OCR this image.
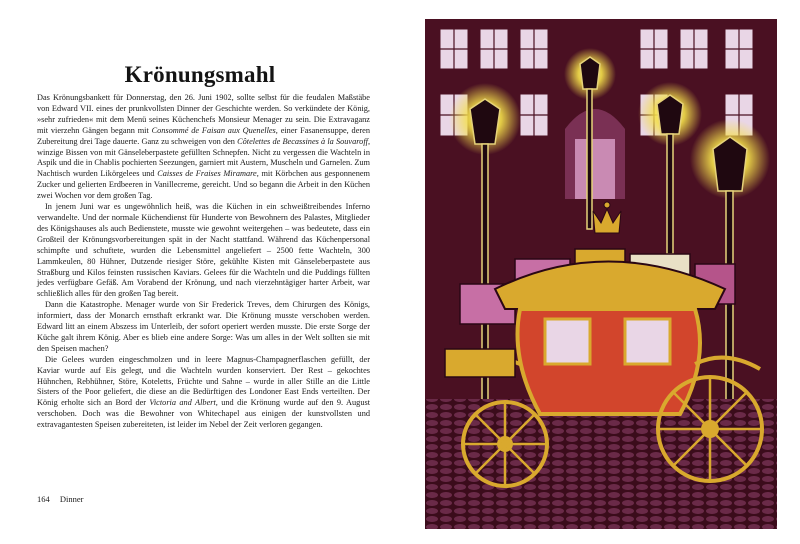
Krönungsmahl

Das Krönungsbankett für Donnerstag, den 26. Juni 1902, sollte selbst für die feudalen Maßstäbe von Edward VII. eines der prunkvollsten Dinner der Geschichte werden. So verkündete der König, »sehr zufrieden« mit dem Menü seines Küchenchefs Monsieur Menager zu sein. Die Extravaganz mit vierzehn Gängen begann mit Consommé de Faisan aux Quenelles, einer Fasanensuppe, deren Zubereitung drei Tage dauerte. Ganz zu schweigen von den Côtelettes de Becassines à la Souvaroff, winzige Bissen von mit Gänseleberpastete gefüllten Schnepfen. Nicht zu vergessen die Wachteln in Aspik und die in Chablis pochierten Seezungen, garniert mit Austern, Muscheln und Garnelen. Zum Nachtisch wurden Likörgelees und Caisses de Fraises Miramare, mit Körbchen aus gesponnenem Zucker und gelierten Erdbeeren in Vanillecreme, gereicht. Und so begann die Arbeit in den Küchen zwei Wochen vor dem großen Tag.

In jenem Juni war es ungewöhnlich heiß, was die Küchen in ein schweißtreibendes Inferno verwandelte. Und der normale Küchendienst für Hunderte von Bewohnern des Palastes, Mitglieder des Königshauses als auch Bedienstete, musste wie gewohnt weitergehen – was bedeutete, dass ein Großteil der Krönungsvorbereitungen spät in der Nacht stattfand. Während das Küchenpersonal schimpfte und schuftete, wurden die Lebensmittel angeliefert – 2500 fette Wachteln, 300 Lammkeulen, 80 Hühner, Dutzende riesiger Störe, gekühlte Kisten mit Gänseleberpastete aus Straßburg und Kilos feinsten russischen Kaviars. Gelees für die Wachteln und die Puddings füllten jedes verfügbare Gefäß. Am Vorabend der Krönung, und nach vierzehntägiger harter Arbeit, war schließlich alles für den großen Tag bereit.

Dann die Katastrophe. Menager wurde von Sir Frederick Treves, dem Chirurgen des Königs, informiert, dass der Monarch ernsthaft erkrankt war. Die Krönung musste verschoben werden. Edward litt an einem Abszess im Unterleib, der sofort operiert werden musste. Die erste Sorge der Küche galt ihrem König. Aber es blieb eine andere Sorge: Was um alles in der Welt sollten sie mit den Speisen machen?

Die Gelees wurden eingeschmolzen und in leere Magnus-Champagnerflaschen gefüllt, der Kaviar wurde auf Eis gelegt, und die Wachteln wurden konserviert. Der Rest – gekochtes Hühnchen, Rebhühner, Störe, Koteletts, Früchte und Sahne – wurde in aller Stille an die Little Sisters of the Poor geliefert, die diese an die Bedürftigen des Londoner East Ends verteilten. Der König erholte sich an Bord der Victoria and Albert, und die Krönung wurde auf den 9. August verschoben. Doch was die Bewohner von Whitechapel aus einigen der kunstvollsten und extravagantesten Speisen zubereiteten, ist leider im Nebel der Zeit verloren gegangen.

164 Dinner
